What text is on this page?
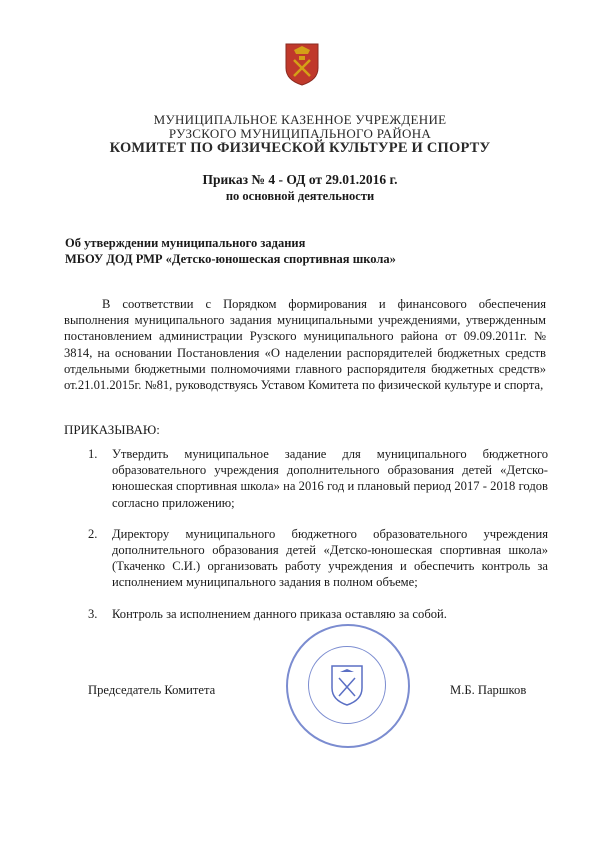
МУНИЦИПАЛЬНОЕ КАЗЕННОЕ УЧРЕЖДЕНИЕ
РУЗСКОГО МУНИЦИПАЛЬНОГО РАЙОНА
КОМИТЕТ ПО ФИЗИЧЕСКОЙ КУЛЬТУРЕ И СПОРТУ
Приказ № 4 - ОД от 29.01.2016 г.
по основной деятельности
Об утверждении муниципального задания
МБОУ ДОД РМР «Детско-юношеская спортивная школа»

В соответствии с Порядком формирования и финансового обеспечения выполнения муниципального задания муниципальными учреждениями, утвержденным постановлением администрации Рузского муниципального района от 09.09.2011г. № 3814, на основании Постановления «О наделении распорядителей бюджетных средств отдельными бюджетными полномочиями главного распорядителя бюджетных средств» от.21.01.2015г. №81, руководствуясь Уставом Комитета по физической культуре и спорта,

ПРИКАЗЫВАЮ:
1. Утвердить муниципальное задание для муниципального бюджетного образовательного учреждения дополнительного образования детей «Детско-юношеская спортивная школа» на 2016 год и плановый период 2017 - 2018 годов согласно приложению;
2. Директору муниципального бюджетного образовательного учреждения дополнительного образования детей «Детско-юношеская спортивная школа» (Ткаченко С.И.) организовать работу учреждения и обеспечить контроль за исполнением муниципального задания в полном объеме;
3. Контроль за исполнением данного приказа оставляю за собой.
Председатель Комитета	М.Б. Паршков
